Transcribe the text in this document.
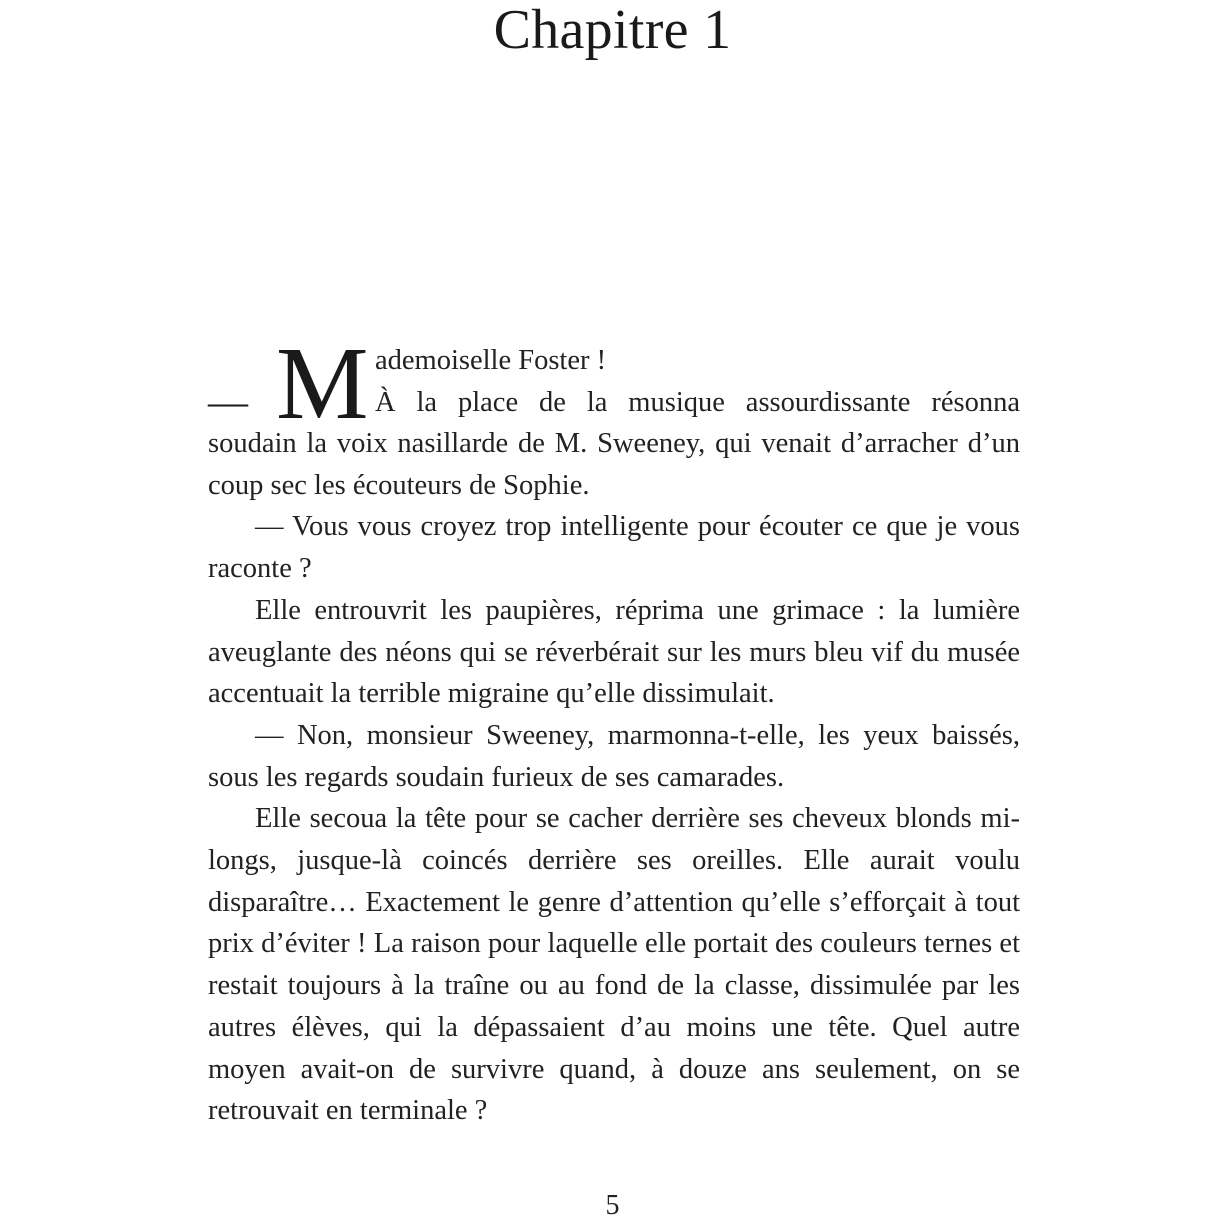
Chapitre 1
— M ademoiselle Foster !
À la place de la musique assourdissante résonna

soudain la voix nasillarde de M. Sweeney, qui venait d’arracher d’un coup sec les écouteurs de Sophie.

— Vous vous croyez trop intelligente pour écouter ce que je vous raconte ?

Elle entrouvrit les paupières, réprima une grimace : la lumière aveuglante des néons qui se réverbérait sur les murs bleu vif du musée accentuait la terrible migraine qu’elle dissimulait.

— Non, monsieur Sweeney, marmonna-t-elle, les yeux baissés, sous les regards soudain furieux de ses camarades.

Elle secoua la tête pour se cacher derrière ses cheveux blonds mi-longs, jusque-là coincés derrière ses oreilles. Elle aurait voulu disparaître… Exactement le genre d’attention qu’elle s’efforçait à tout prix d’éviter ! La raison pour laquelle elle portait des couleurs ternes et restait toujours à la traîne ou au fond de la classe, dissimulée par les autres élèves, qui la dépassaient d’au moins une tête. Quel autre moyen avait-on de survivre quand, à douze ans seulement, on se retrouvait en terminale ?

5
